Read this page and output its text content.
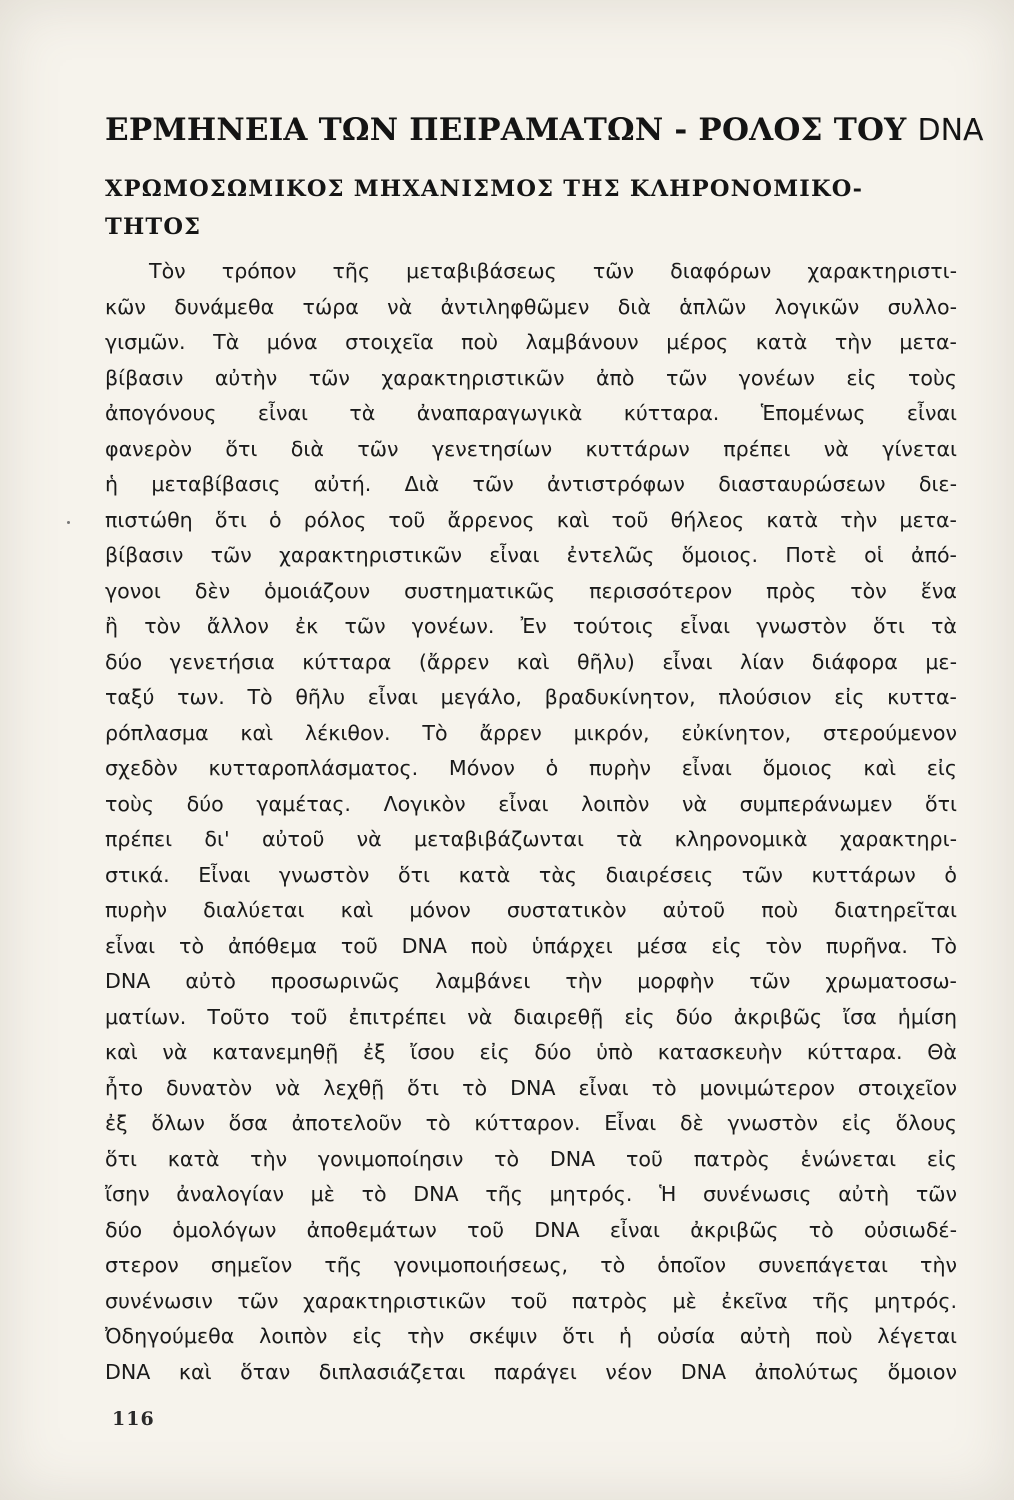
ΕΡΜΗΝΕΙΑ ΤΩΝ ΠΕΙΡΑΜΑΤΩΝ - ΡΟΛΟΣ ΤΟΥ DNA
ΧΡΩΜΟΣΩΜΙΚΟΣ ΜΗΧΑΝΙΣΜΟΣ ΤΗΣ ΚΛΗΡΟΝΟΜΙΚΟ-
ΤΗΤΟΣ
Τὸν τρόπον τῆς μεταβιβάσεως τῶν διαφόρων χαρακτηριστι-
κῶν δυνάμεθα τώρα νὰ ἀντιληφθῶμεν διὰ ἁπλῶν λογικῶν συλλο-
γισμῶν. Τὰ μόνα στοιχεῖα ποὺ λαμβάνουν μέρος κατὰ τὴν μετα-
βίβασιν αὐτὴν τῶν χαρακτηριστικῶν ἀπὸ τῶν γονέων εἰς τοὺς
ἀπογόνους εἶναι τὰ ἀναπαραγωγικὰ κύτταρα. Ἑπομένως εἶναι
φανερὸν ὅτι διὰ τῶν γενετησίων κυττάρων πρέπει νὰ γίνεται
ἡ μεταβίβασις αὐτή. Διὰ τῶν ἀντιστρόφων διασταυρώσεων διε-
πιστώθη ὅτι ὁ ρόλος τοῦ ἄρρενος καὶ τοῦ θήλεος κατὰ τὴν μετα-
βίβασιν τῶν χαρακτηριστικῶν εἶναι ἐντελῶς ὅμοιος. Ποτὲ οἱ ἀπό-
γονοι δὲν ὁμοιάζουν συστηματικῶς περισσότερον πρὸς τὸν ἕνα
ἢ τὸν ἄλλον ἐκ τῶν γονέων. Ἐν τούτοις εἶναι γνωστὸν ὅτι τὰ
δύο γενετήσια κύτταρα (ἄρρεν καὶ θῆλυ) εἶναι λίαν διάφορα με-
ταξύ των. Τὸ θῆλυ εἶναι μεγάλο, βραδυκίνητον, πλούσιον εἰς κυττα-
ρόπλασμα καὶ λέκιθον. Τὸ ἄρρεν μικρόν, εὐκίνητον, στερούμενον
σχεδὸν κυτταροπλάσματος. Μόνον ὁ πυρὴν εἶναι ὅμοιος καὶ εἰς
τοὺς δύο γαμέτας. Λογικὸν εἶναι λοιπὸν νὰ συμπεράνωμεν ὅτι
πρέπει δι' αὐτοῦ νὰ μεταβιβάζωνται τὰ κληρονομικὰ χαρακτηρι-
στικά. Εἶναι γνωστὸν ὅτι κατὰ τὰς διαιρέσεις τῶν κυττάρων ὁ
πυρὴν διαλύεται καὶ μόνον συστατικὸν αὐτοῦ ποὺ διατηρεῖται
εἶναι τὸ ἀπόθεμα τοῦ DNA ποὺ ὑπάρχει μέσα εἰς τὸν πυρῆνα. Τὸ
DNA αὐτὸ προσωρινῶς λαμβάνει τὴν μορφὴν τῶν χρωματοσω-
ματίων. Τοῦτο τοῦ ἐπιτρέπει νὰ διαιρεθῇ εἰς δύο ἀκριβῶς ἴσα ἡμίση
καὶ νὰ κατανεμηθῇ ἐξ ἴσου εἰς δύο ὑπὸ κατασκευὴν κύτταρα. Θὰ
ἦτο δυνατὸν νὰ λεχθῇ ὅτι τὸ DNA εἶναι τὸ μονιμώτερον στοιχεῖον
ἐξ ὅλων ὅσα ἀποτελοῦν τὸ κύτταρον. Εἶναι δὲ γνωστὸν εἰς ὅλους
ὅτι κατὰ τὴν γονιμοποίησιν τὸ DNA τοῦ πατρὸς ἑνώνεται εἰς
ἴσην ἀναλογίαν μὲ τὸ DNA τῆς μητρός. Ἡ συνένωσις αὐτὴ τῶν
δύο ὁμολόγων ἀποθεμάτων τοῦ DNA εἶναι ἀκριβῶς τὸ οὐσιωδέ-
στερον σημεῖον τῆς γονιμοποιήσεως, τὸ ὁποῖον συνεπάγεται τὴν
συνένωσιν τῶν χαρακτηριστικῶν τοῦ πατρὸς μὲ ἐκεῖνα τῆς μητρός.
Ὀδηγούμεθα λοιπὸν εἰς τὴν σκέψιν ὅτι ἡ οὐσία αὐτὴ ποὺ λέγεται
DNA καὶ ὅταν διπλασιάζεται παράγει νέον DNA ἀπολύτως ὅμοιον
116
